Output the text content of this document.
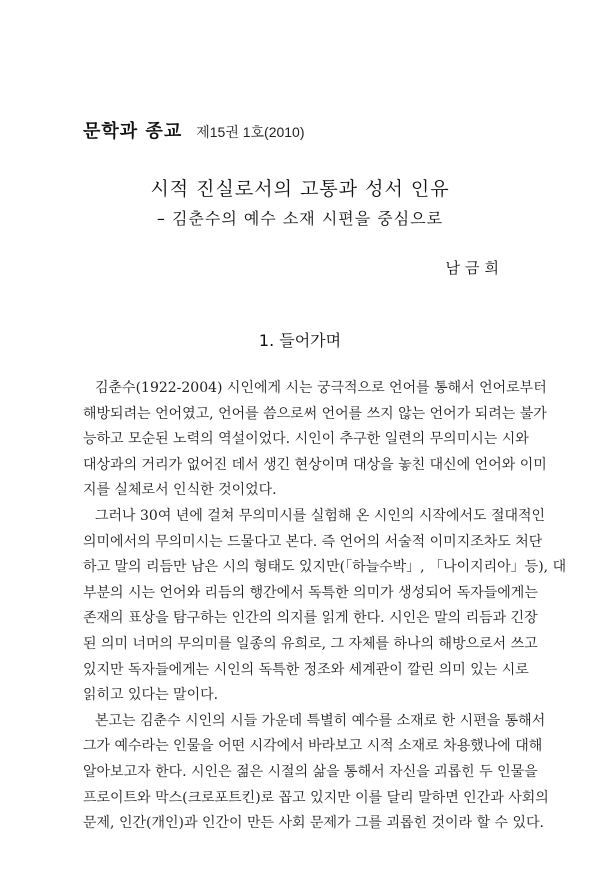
문학과 종교 제15권 1호(2010)
시적 진실로서의 고통과 성서 인유
– 김춘수의 예수 소재 시편을 중심으로
남금희
1. 들어가며
김춘수(1922-2004) 시인에게 시는 궁극적으로 언어를 통해서 언어로부터
해방되려는 언어였고, 언어를 씀으로써 언어를 쓰지 않는 언어가 되려는 불가
능하고 모순된 노력의 역설이었다. 시인이 추구한 일련의 무의미시는 시와
대상과의 거리가 없어진 데서 생긴 현상이며 대상을 놓친 대신에 언어와 이미
지를 실체로서 인식한 것이었다.
그러나 30여 년에 걸쳐 무의미시를 실험해 온 시인의 시작에서도 절대적인
의미에서의 무의미시는 드물다고 본다. 즉 언어의 서술적 이미지조차도 처단
하고 말의 리듬만 남은 시의 형태도 있지만(「하늘수박」, 「나이지리아」등), 대
부분의 시는 언어와 리듬의 행간에서 독특한 의미가 생성되어 독자들에게는
존재의 표상을 탐구하는 인간의 의지를 읽게 한다. 시인은 말의 리듬과 긴장
된 의미 너머의 무의미를 일종의 유희로, 그 자체를 하나의 해방으로서 쓰고
있지만 독자들에게는 시인의 독특한 정조와 세계관이 깔린 의미 있는 시로
읽히고 있다는 말이다.
본고는 김춘수 시인의 시들 가운데 특별히 예수를 소재로 한 시편을 통해서
그가 예수라는 인물을 어떤 시각에서 바라보고 시적 소재로 차용했나에 대해
알아보고자 한다. 시인은 젊은 시절의 삶을 통해서 자신을 괴롭힌 두 인물을
프로이트와 막스(크로포트킨)로 꼽고 있지만 이를 달리 말하면 인간과 사회의
문제, 인간(개인)과 인간이 만든 사회 문제가 그를 괴롭힌 것이라 할 수 있다.
